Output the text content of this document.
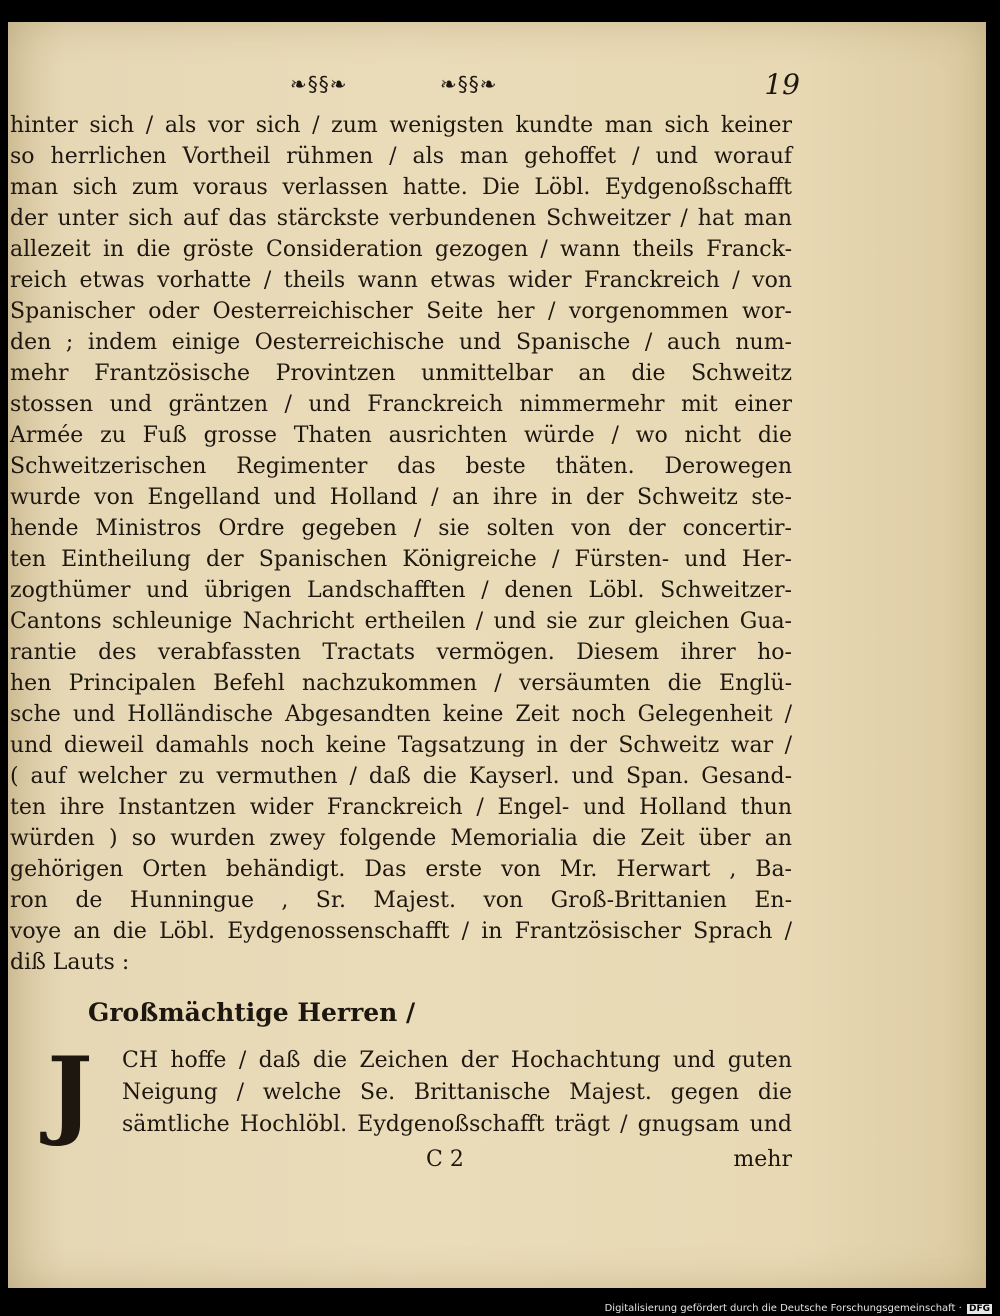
❧§§❧	❧§§❧	19
hinter sich / als vor sich / zum wenigsten kundte man sich keiner
so herrlichen Vortheil rühmen / als man gehoffet / und worauf
man sich zum voraus verlassen hatte. Die Löbl. Eydgenoßschafft
der unter sich auf das stärckste verbundenen Schweitzer / hat man
allezeit in die gröste Consideration gezogen / wann theils Franck-
reich etwas vorhatte / theils wann etwas wider Franckreich / von
Spanischer oder Oesterreichischer Seite her / vorgenommen wor-
den ; indem einige Oesterreichische und Spanische / auch num-
mehr Frantzösische Provintzen unmittelbar an die Schweitz
stossen und gräntzen / und Franckreich nimmermehr mit einer
Armée zu Fuß grosse Thaten ausrichten würde / wo nicht die
Schweitzerischen Regimenter das beste thäten. Derowegen
wurde von Engelland und Holland / an ihre in der Schweitz ste-
hende Ministros Ordre gegeben / sie solten von der concertir-
ten Eintheilung der Spanischen Königreiche / Fürsten- und Her-
zogthümer und übrigen Landschafften / denen Löbl. Schweitzer-
Cantons schleunige Nachricht ertheilen / und sie zur gleichen Gua-
rantie des verabfassten Tractats vermögen. Diesem ihrer ho-
hen Principalen Befehl nachzukommen / versäumten die Englü-
sche und Holländische Abgesandten keine Zeit noch Gelegenheit /
und dieweil damahls noch keine Tagsatzung in der Schweitz war /
( auf welcher zu vermuthen / daß die Kayserl. und Span. Gesand-
ten ihre Instantzen wider Franckreich / Engel- und Holland thun
würden ) so wurden zwey folgende Memorialia die Zeit über an
gehörigen Orten behändigt. Das erste von Mr. Herwart , Ba-
ron de Hunningue , Sr. Majest. von Groß-Brittanien En-
voye an die Löbl. Eydgenossenschafft / in Frantzösischer Sprach /
diß Lauts :
Großmächtige Herren /
J	CH hoffe / daß die Zeichen der Hochachtung und guten
Neigung / welche Se. Brittanische Majest. gegen die
sämtliche Hochlöbl. Eydgenoßschafft trägt / gnugsam und
C 2	mehr
Digitalisierung gefördert durch die Deutsche Forschungsgemeinschaft · DFG
